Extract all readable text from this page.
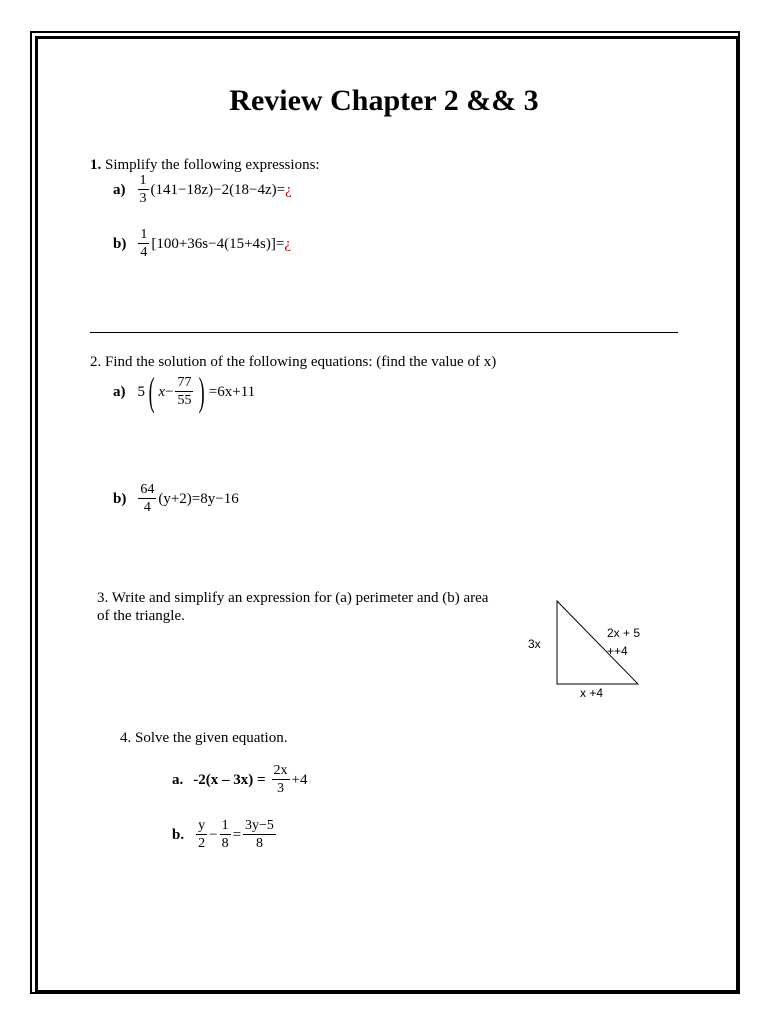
Review Chapter 2 && 3
1. Simplify the following expressions:
$a) \frac{1}{3} (141-18z)-2(18-4z)=$ ¿
$b) \frac{1}{4} [100+36s-4(15+4s)]=$ ¿
2. Find the solution of the following equations: (find the value of x)
a) 5 ( $x - \frac{77}{55}$ ) =6x+11
$b) \frac{64}{4} (y+2)=8y-16$
3. Write and simplify an expression for (a) perimeter and (b) area
of the triangle.
3x
2x + 5
++4
x +4
4. Solve the given equation.
a. $-2(x - 3x) = \frac{2x}{3} +4$
b. $\frac{y}{2} - \frac{1}{8} = \frac{3y-5}{8}$
